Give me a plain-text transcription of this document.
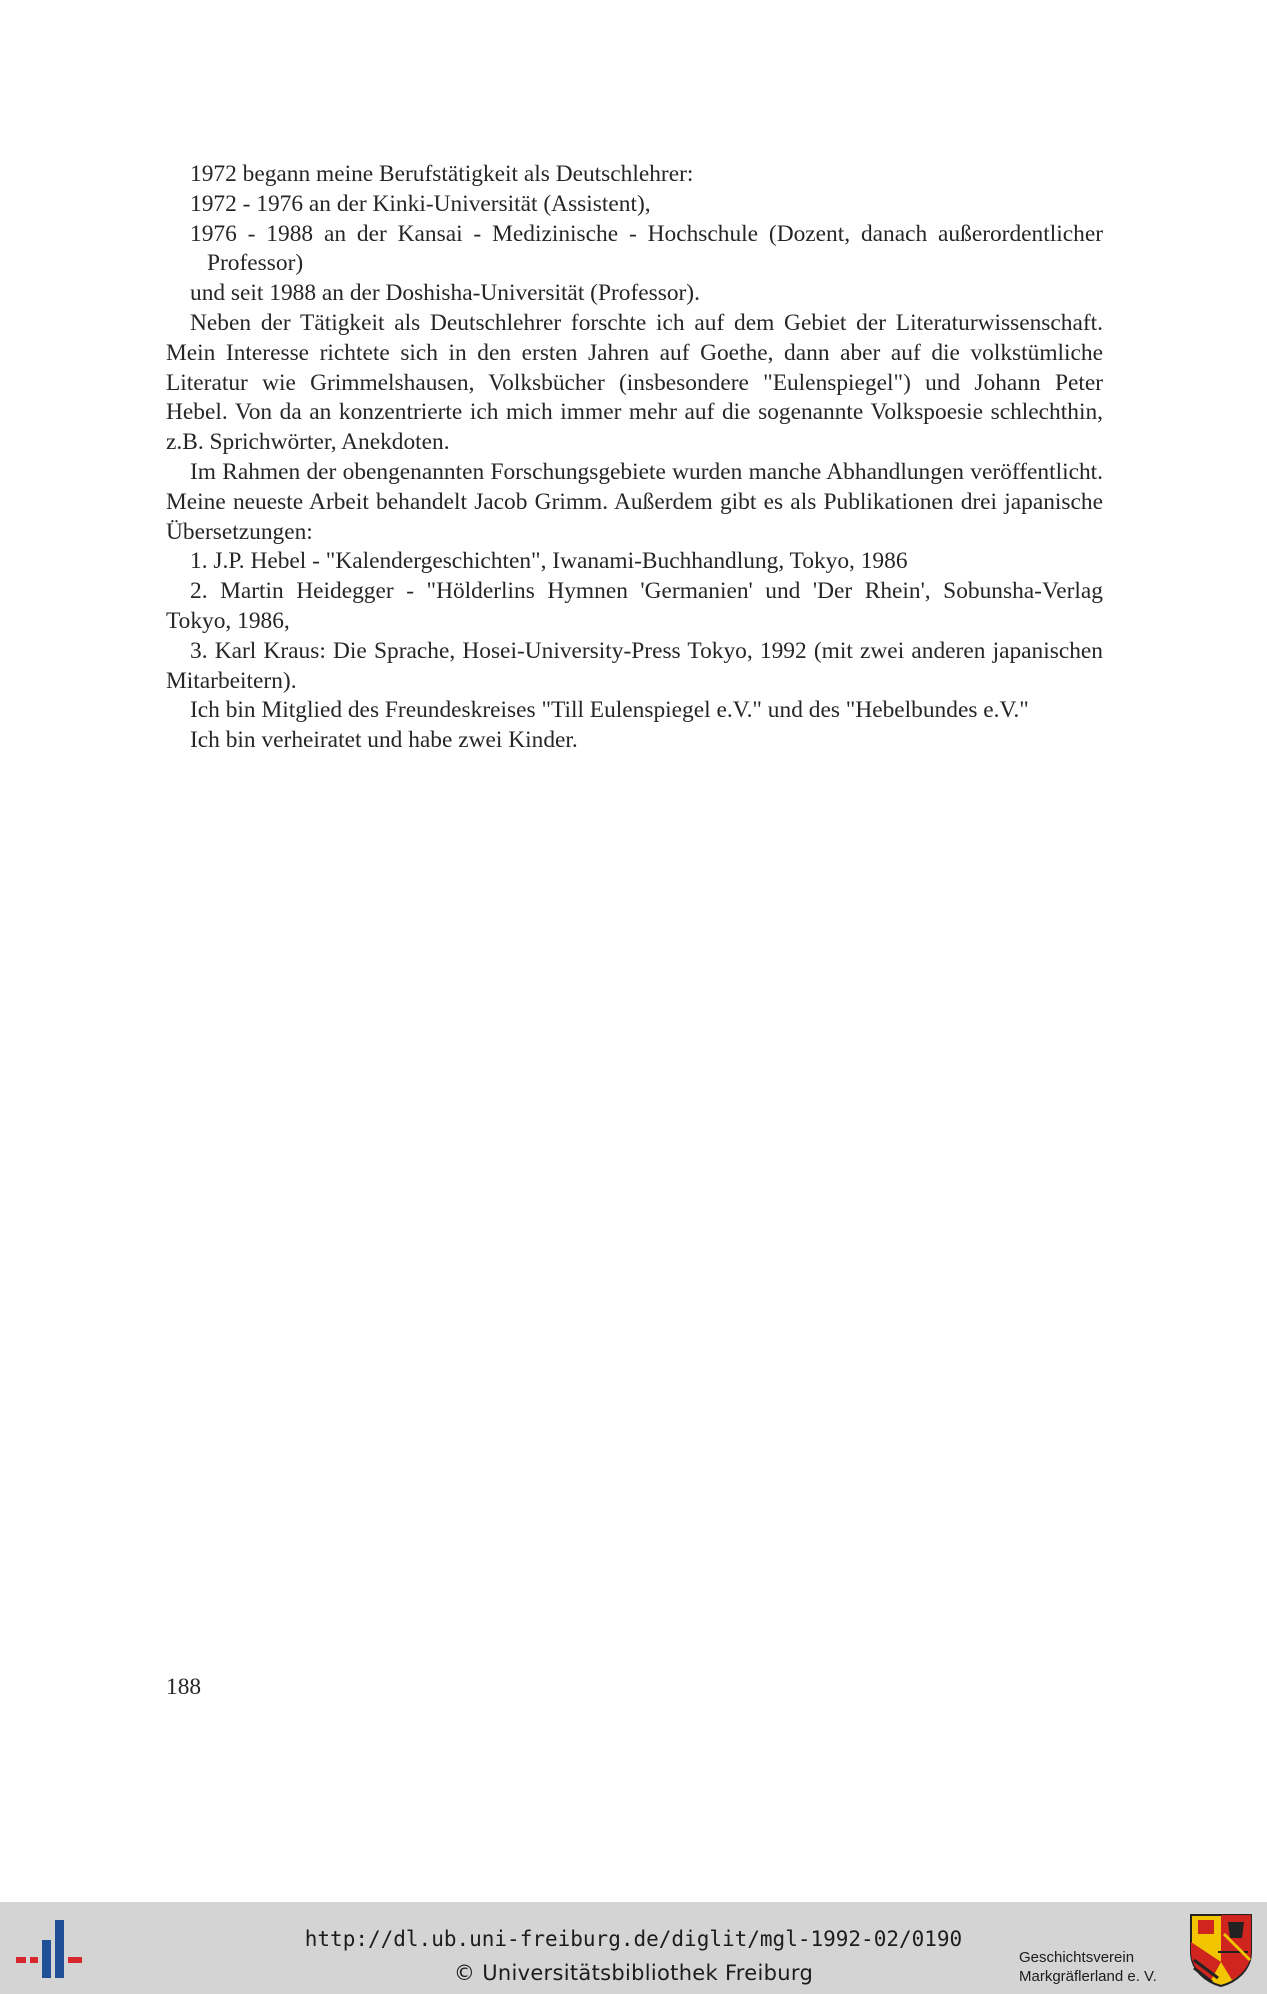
1972 begann meine Berufstätigkeit als Deutschlehrer:

1972 - 1976 an der Kinki-Universität (Assistent),

1976 - 1988 an der Kansai - Medizinische - Hochschule (Dozent, danach außerordentlicher Professor)

und seit 1988 an der Doshisha-Universität (Professor).

Neben der Tätigkeit als Deutschlehrer forschte ich auf dem Gebiet der Literaturwissenschaft. Mein Interesse richtete sich in den ersten Jahren auf Goethe, dann aber auf die volkstümliche Literatur wie Grimmelshausen, Volksbücher (insbesondere "Eulenspiegel") und Johann Peter Hebel. Von da an konzentrierte ich mich immer mehr auf die sogenannte Volkspoesie schlechthin, z.B. Sprichwörter, Anekdoten.

Im Rahmen der obengenannten Forschungsgebiete wurden manche Abhandlungen veröffentlicht. Meine neueste Arbeit behandelt Jacob Grimm. Außerdem gibt es als Publikationen drei japanische Übersetzungen:

1. J.P. Hebel - "Kalendergeschichten", Iwanami-Buchhandlung, Tokyo, 1986

2. Martin Heidegger - "Hölderlins Hymnen 'Germanien' und 'Der Rhein', Sobunsha-Verlag Tokyo, 1986,

3. Karl Kraus: Die Sprache, Hosei-University-Press Tokyo, 1992 (mit zwei anderen japanischen Mitarbeitern).

Ich bin Mitglied des Freundeskreises "Till Eulenspiegel e.V." und des "Hebelbundes e.V."

Ich bin verheiratet und habe zwei Kinder.

188
http://dl.ub.uni-freiburg.de/diglit/mgl-1992-02/0190
© Universitätsbibliothek Freiburg
Geschichtsverein
Markgräflerland e. V.
